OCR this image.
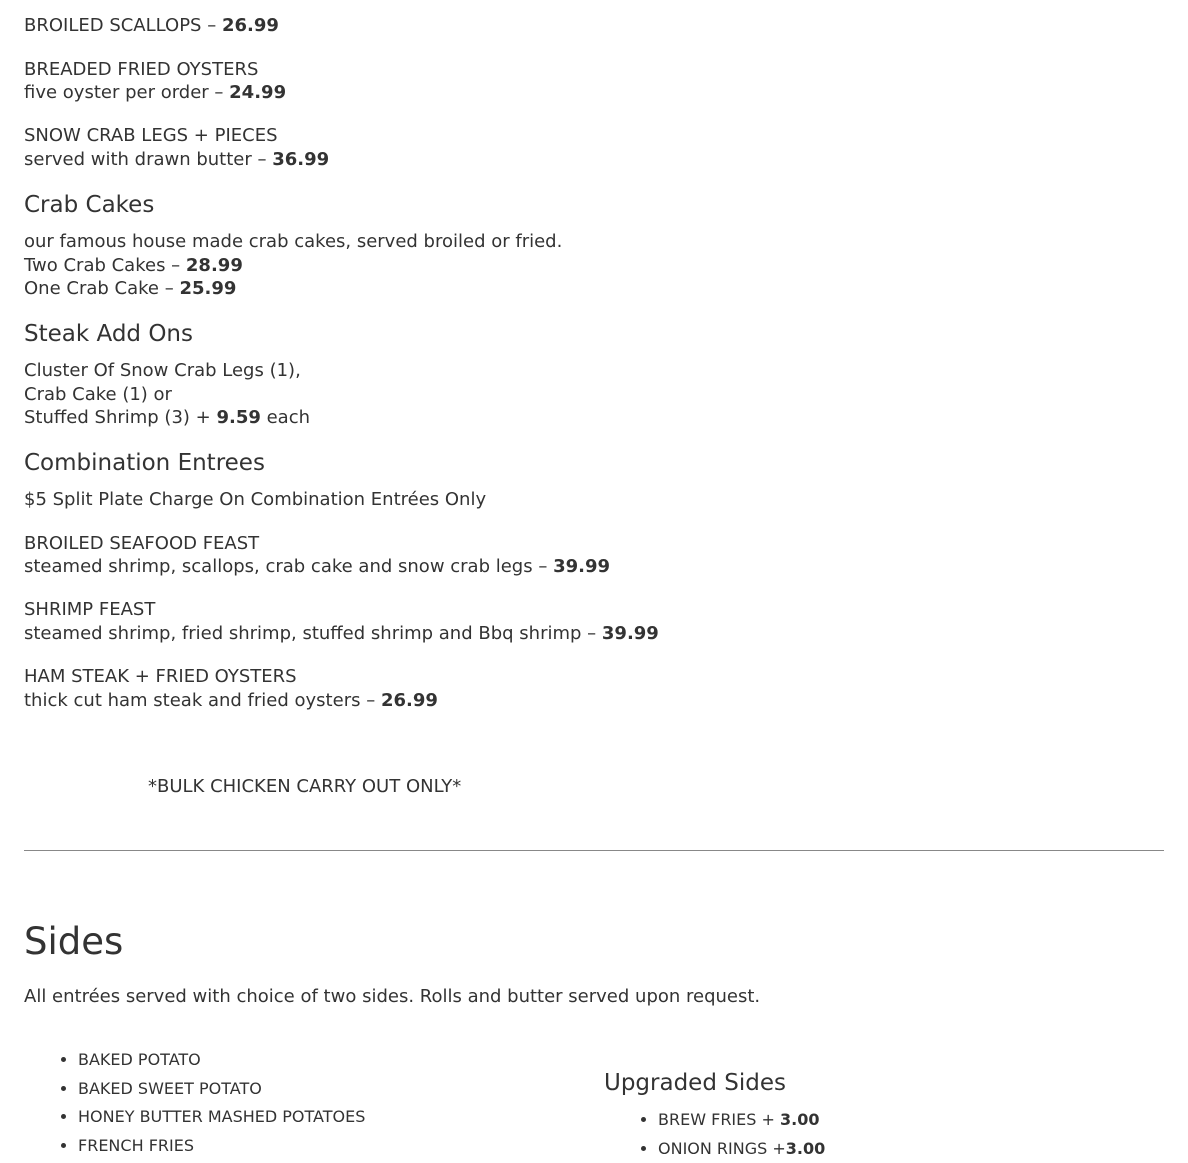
BROILED SCALLOPS – 26.99
BREADED FRIED OYSTERS
five oyster per order – 24.99
SNOW CRAB LEGS + PIECES
served with drawn butter – 36.99
Crab Cakes
our famous house made crab cakes, served broiled or fried.
Two Crab Cakes – 28.99
One Crab Cake – 25.99
Steak Add Ons
Cluster Of Snow Crab Legs (1),
Crab Cake (1) or
Stuffed Shrimp (3) + 9.59 each
Combination Entrees
$5 Split Plate Charge On Combination Entrées Only
BROILED SEAFOOD FEAST
steamed shrimp, scallops, crab cake and snow crab legs – 39.99
SHRIMP FEAST
steamed shrimp, fried shrimp, stuffed shrimp and Bbq shrimp – 39.99
HAM STEAK + FRIED OYSTERS
thick cut ham steak and fried oysters – 26.99
*BULK CHICKEN CARRY OUT ONLY*
Sides
All entrées served with choice of two sides. Rolls and butter served upon request.
• BAKED POTATO
• BAKED SWEET POTATO
• HONEY BUTTER MASHED POTATOES
• FRENCH FRIES
Upgraded Sides
• BREW FRIES + 3.00
• ONION RINGS +3.00
